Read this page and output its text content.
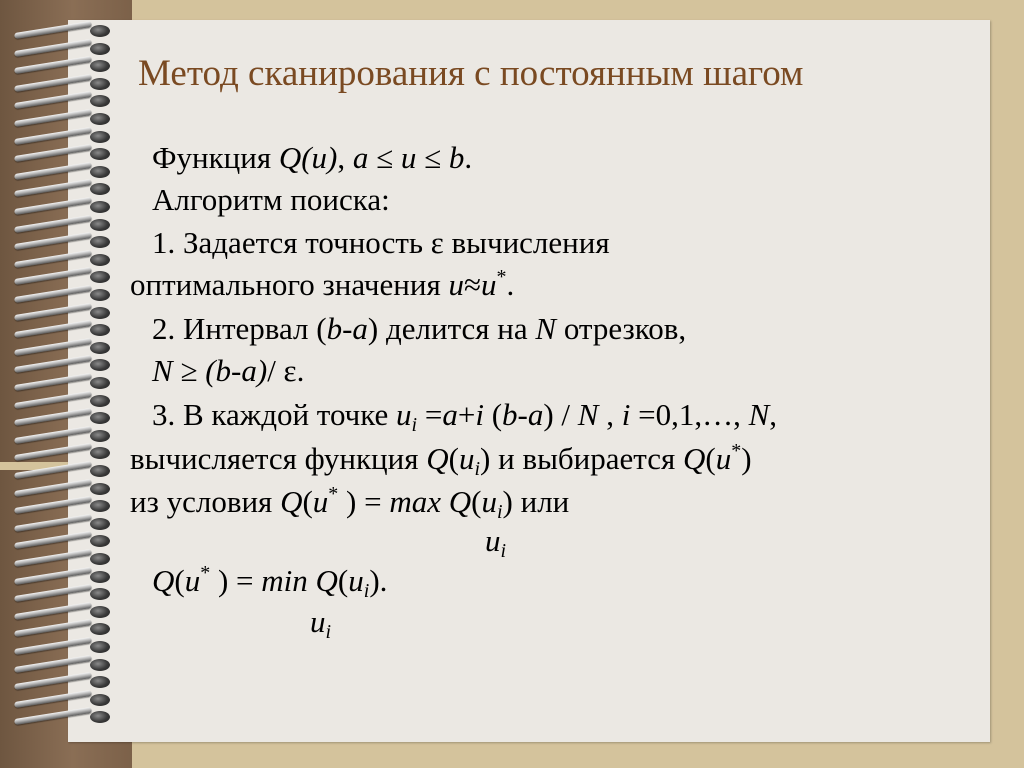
Метод сканирования с постоянным шагом
Функция Q(u), a ≤ u ≤ b.
Алгоритм поиска:
1. Задается точность ε вычисления
оптимального значения u≈u*.
2. Интервал (b-a) делится на N отрезков,
N ≥ (b-a)/ ε.
3. В каждой точке $u_i =a+i$ (b-a) / N , i =0,1,…, N,
вычисляется функция $Q(u_i)$ и выбирается Q(u*)
из условия Q(u* ) = $\max Q(u_i)$ или
$u_i$
Q(u* ) = $\min Q(u_i)$.
$u_i$
